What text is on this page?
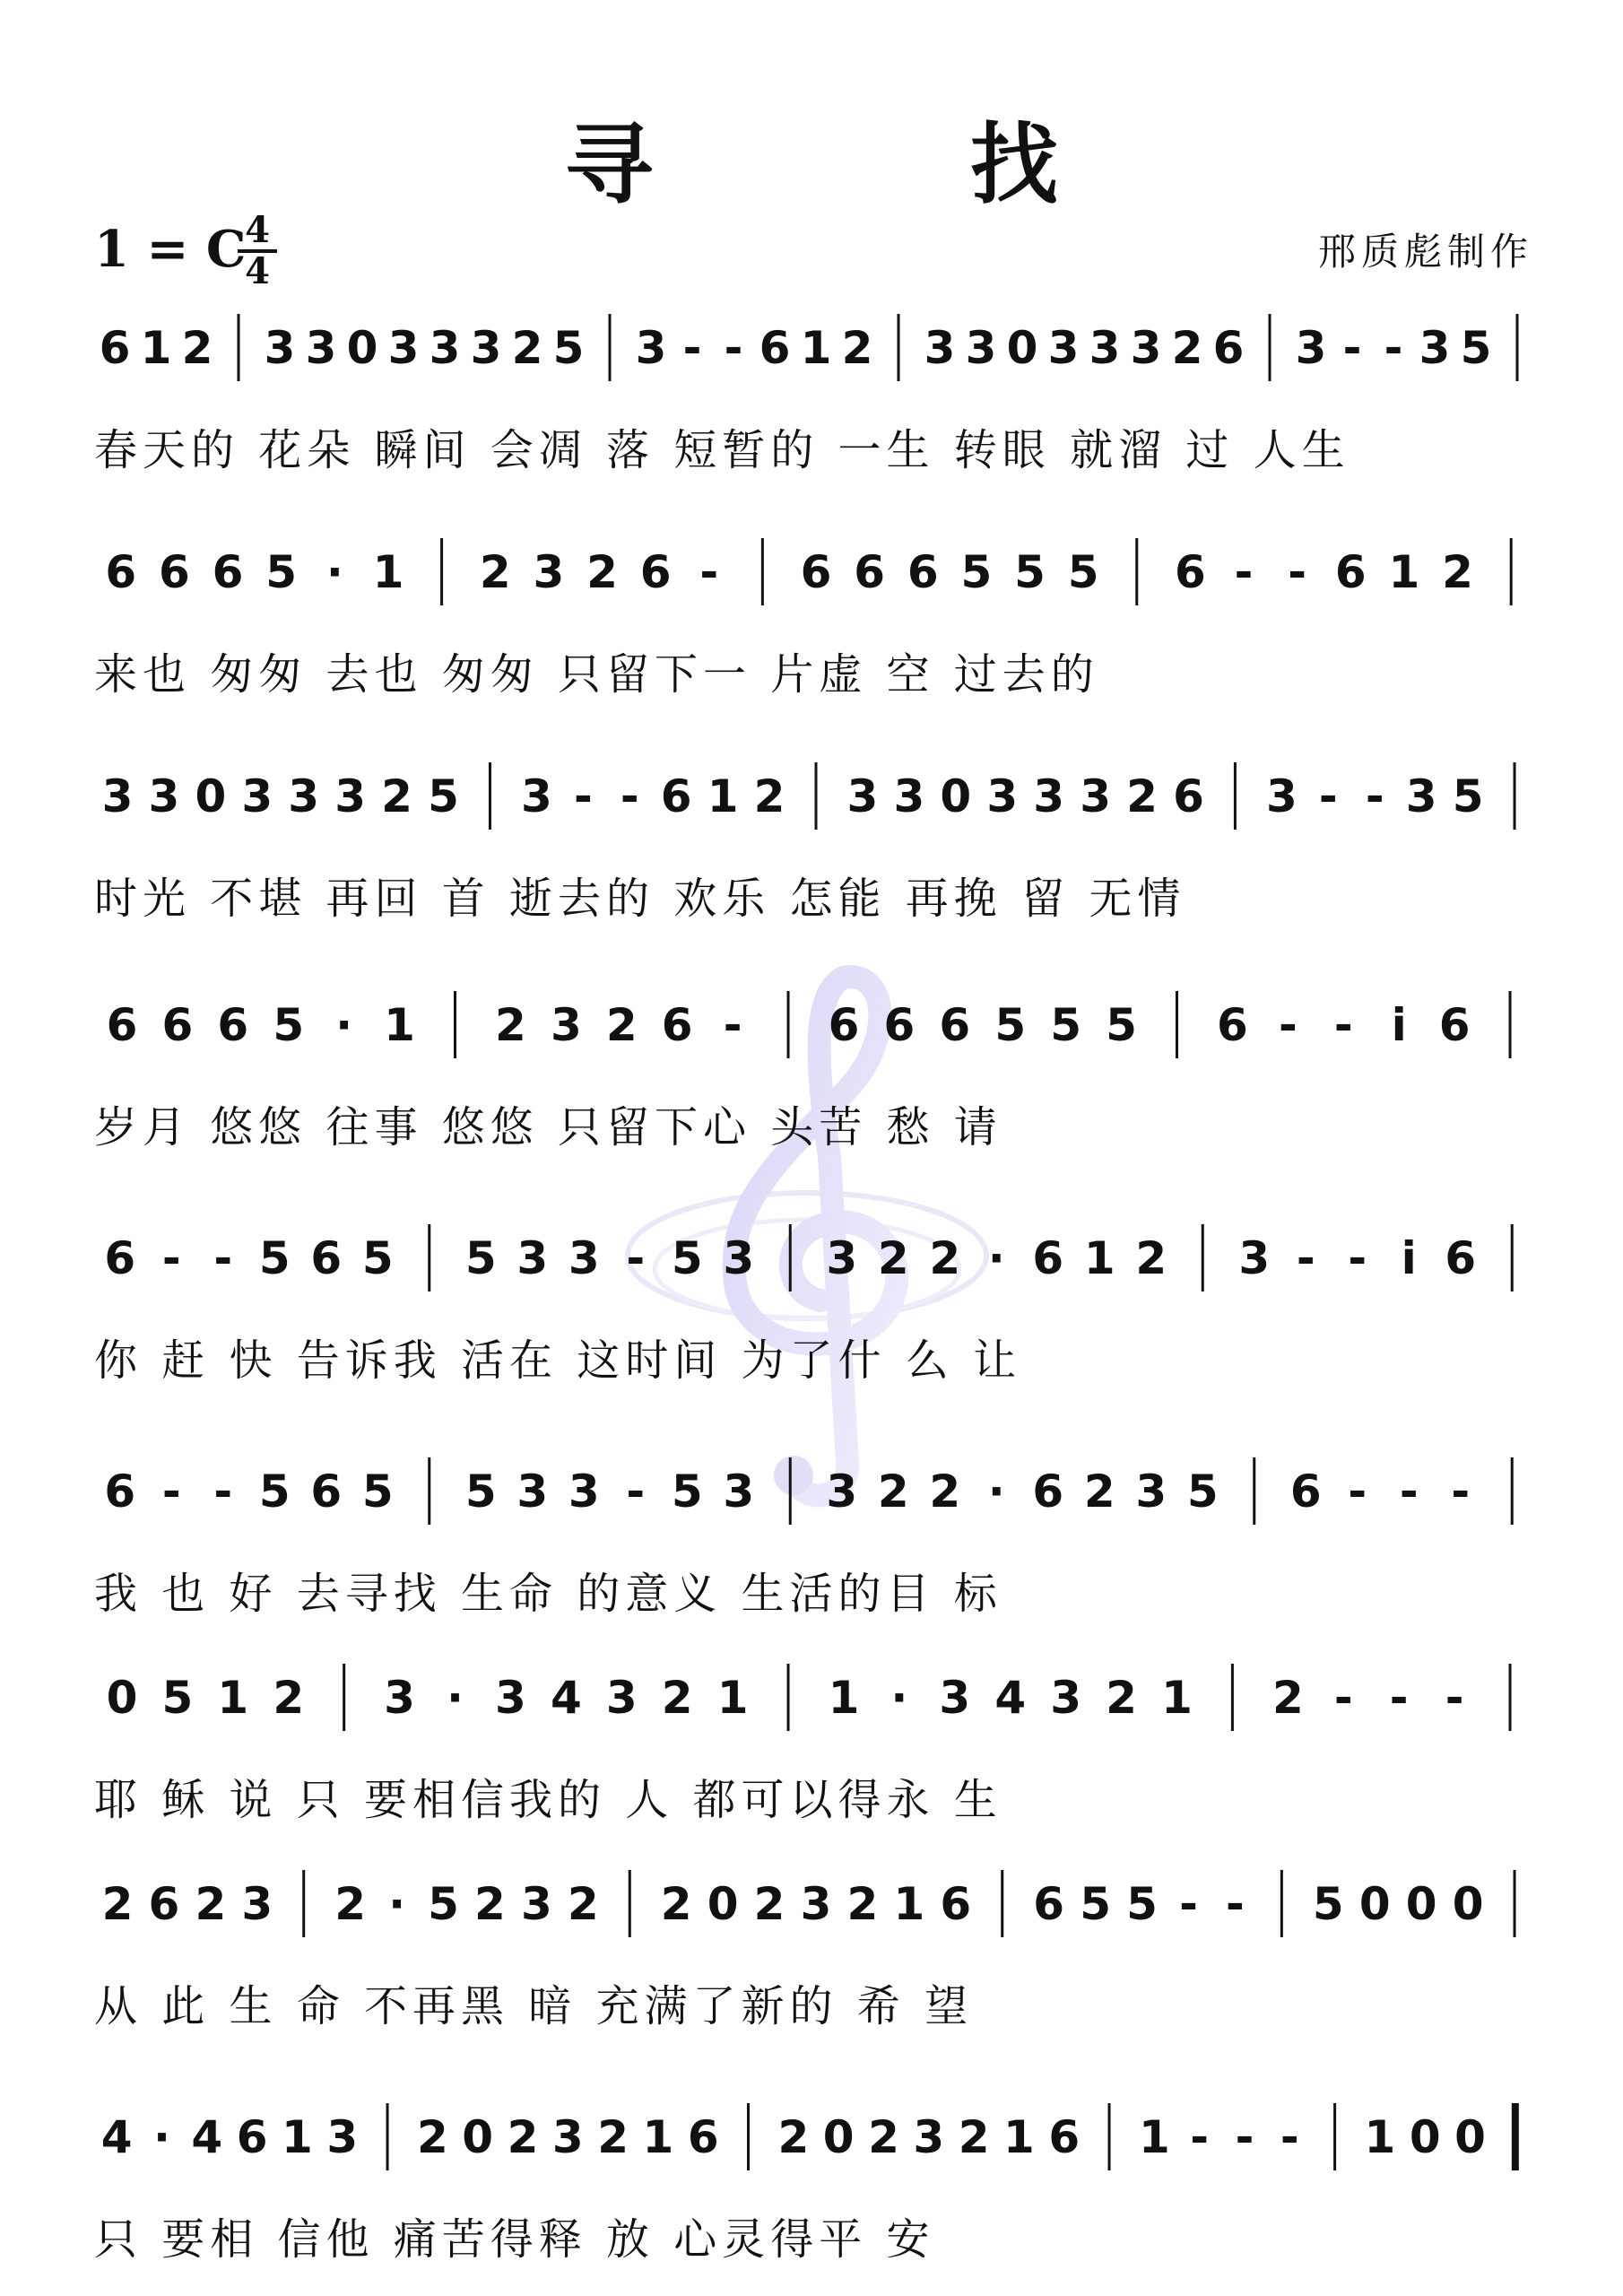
寻 找
1 = C
4
4	邢质彪制作
6 1 2 3 3 0 3 3 3 2 5 3 - - 6 1 2 3 3 0 3 3 3 2 6 3 - - 3 5
春天的 花朵 瞬间 会凋 落 短暂的 一生 转眼 就溜 过 人生
6 6 6 5 · 1 2 3 2 6 - 6 6 6 5 5 5 6 - - 6 1 2
来也 匆匆 去也 匆匆 只留下一 片虚 空 过去的
3 3 0 3 3 3 2 5 3 - - 6 1 2 3 3 0 3 3 3 2 6 3 - - 3 5
时光 不堪 再回 首 逝去的 欢乐 怎能 再挽 留 无情
6 6 6 5 · 1 2 3 2 6 - 6 6 6 5 5 5 6 - - i 6
岁月 悠悠 往事 悠悠 只留下心 头苦 愁 请
6 - - 5 6 5 5 3 3 - 5 3 3 2 2 · 6 1 2 3 - - i 6
你 赶 快 告诉我 活在 这时间 为了什 么 让
6 - - 5 6 5 5 3 3 - 5 3 3 2 2 · 6 2 3 5 6 - - -
我 也 好 去寻找 生命 的意义 生活的目 标
0 5 1 2 3 · 3 4 3 2 1 1 · 3 4 3 2 1 2 - - -
耶 稣 说 只 要相信我的 人 都可以得永 生
2 6 2 3 2 · 5 2 3 2 2 0 2 3 2 1 6 6 5 5 - - 5 0 0 0
从 此 生 命 不再黑 暗 充满了新的 希 望
4 · 4 6 1 3 2 0 2 3 2 1 6 2 0 2 3 2 1 6 1 - - - 1 0 0
只 要相 信他 痛苦得释 放 心灵得平 安
